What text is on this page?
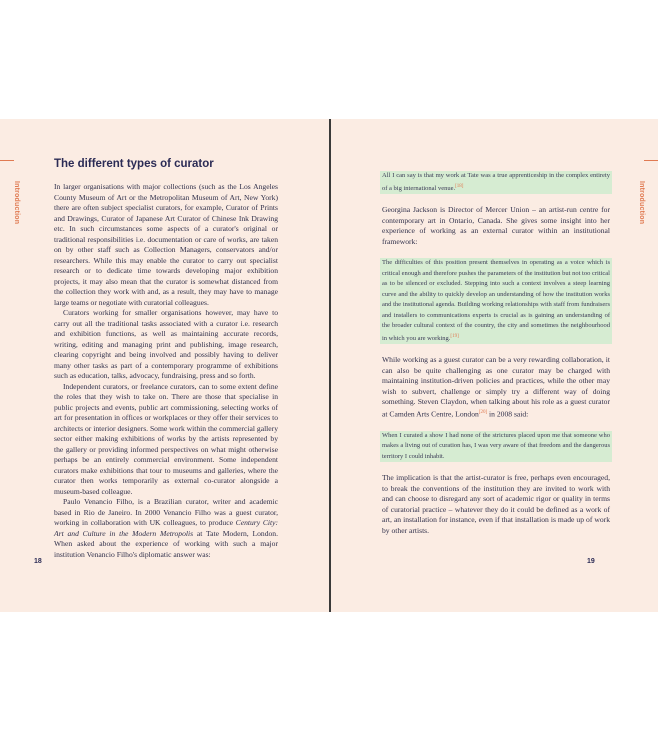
Introduction
The different types of curator

In larger organisations with major collections (such as the Los Angeles County Museum of Art or the Metropolitan Museum of Art, New York) there are often subject specialist curators, for example, Curator of Prints and Drawings, Curator of Japanese Art Curator of Chinese Ink Drawing etc. In such circumstances some aspects of a curator's original or traditional responsibilities i.e. documentation or care of works, are taken on by other staff such as Collection Managers, conservators and/or researchers. While this may enable the curator to carry out specialist research or to dedicate time towards developing major exhibition projects, it may also mean that the curator is somewhat distanced from the collection they work with and, as a result, they may have to manage large teams or negotiate with curatorial colleagues.

Curators working for smaller organisations however, may have to carry out all the traditional tasks associated with a curator i.e. research and exhibition functions, as well as maintaining accurate records, writing, editing and managing print and publishing, image research, clearing copyright and being involved and possibly having to deliver many other tasks as part of a contemporary programme of exhibitions such as education, talks, advocacy, fundraising, press and so forth.

Independent curators, or freelance curators, can to some extent define the roles that they wish to take on. There are those that specialise in public projects and events, public art commissioning, selecting works of art for presentation in offices or workplaces or they offer their services to architects or interior designers. Some work within the commercial gallery sector either making exhibitions of works by the artists represented by the gallery or providing informed perspectives on what might otherwise perhaps be an entirely commercial environment. Some independent curators make exhibitions that tour to museums and galleries, where the curator then works temporarily as external co-curator alongside a museum-based colleague.

Paulo Venancio Filho, is a Brazilian curator, writer and academic based in Rio de Janeiro. In 2000 Venancio Filho was a guest curator, working in collaboration with UK colleagues, to produce Century City: Art and Culture in the Modern Metropolis at Tate Modern, London. When asked about the experience of working with such a major institution Venancio Filho's diplomatic answer was:

18
Introduction
All I can say is that my work at Tate was a true apprenticeship in the complex entirety of a big international venue.[18]

Georgina Jackson is Director of Mercer Union – an artist-run centre for contemporary art in Ontario, Canada. She gives some insight into her experience of working as an external curator within an institutional framework:

The difficulties of this position present themselves in operating as a voice which is critical enough and therefore pushes the parameters of the institution but not too critical as to be silenced or excluded. Stepping into such a context involves a steep learning curve and the ability to quickly develop an understanding of how the institution works and the institutional agenda. Building working relationships with staff from fundraisers and installers to communications experts is crucial as is gaining an understanding of the broader cultural context of the country, the city and sometimes the neighbourhood in which you are working.[19]

While working as a guest curator can be a very rewarding collaboration, it can also be quite challenging as one curator may be charged with maintaining institution-driven policies and practices, while the other may wish to subvert, challenge or simply try a different way of doing something. Steven Claydon, when talking about his role as a guest curator at Camden Arts Centre, London[20] in 2008 said:

When I curated a show I had none of the strictures placed upon me that someone who makes a living out of curation has, I was very aware of that freedom and the dangerous territory I could inhabit.

The implication is that the artist-curator is free, perhaps even encouraged, to break the conventions of the institution they are invited to work with and can choose to disregard any sort of academic rigor or quality in terms of curatorial practice – whatever they do it could be defined as a work of art, an installation for instance, even if that installation is made up of work by other artists.

19
